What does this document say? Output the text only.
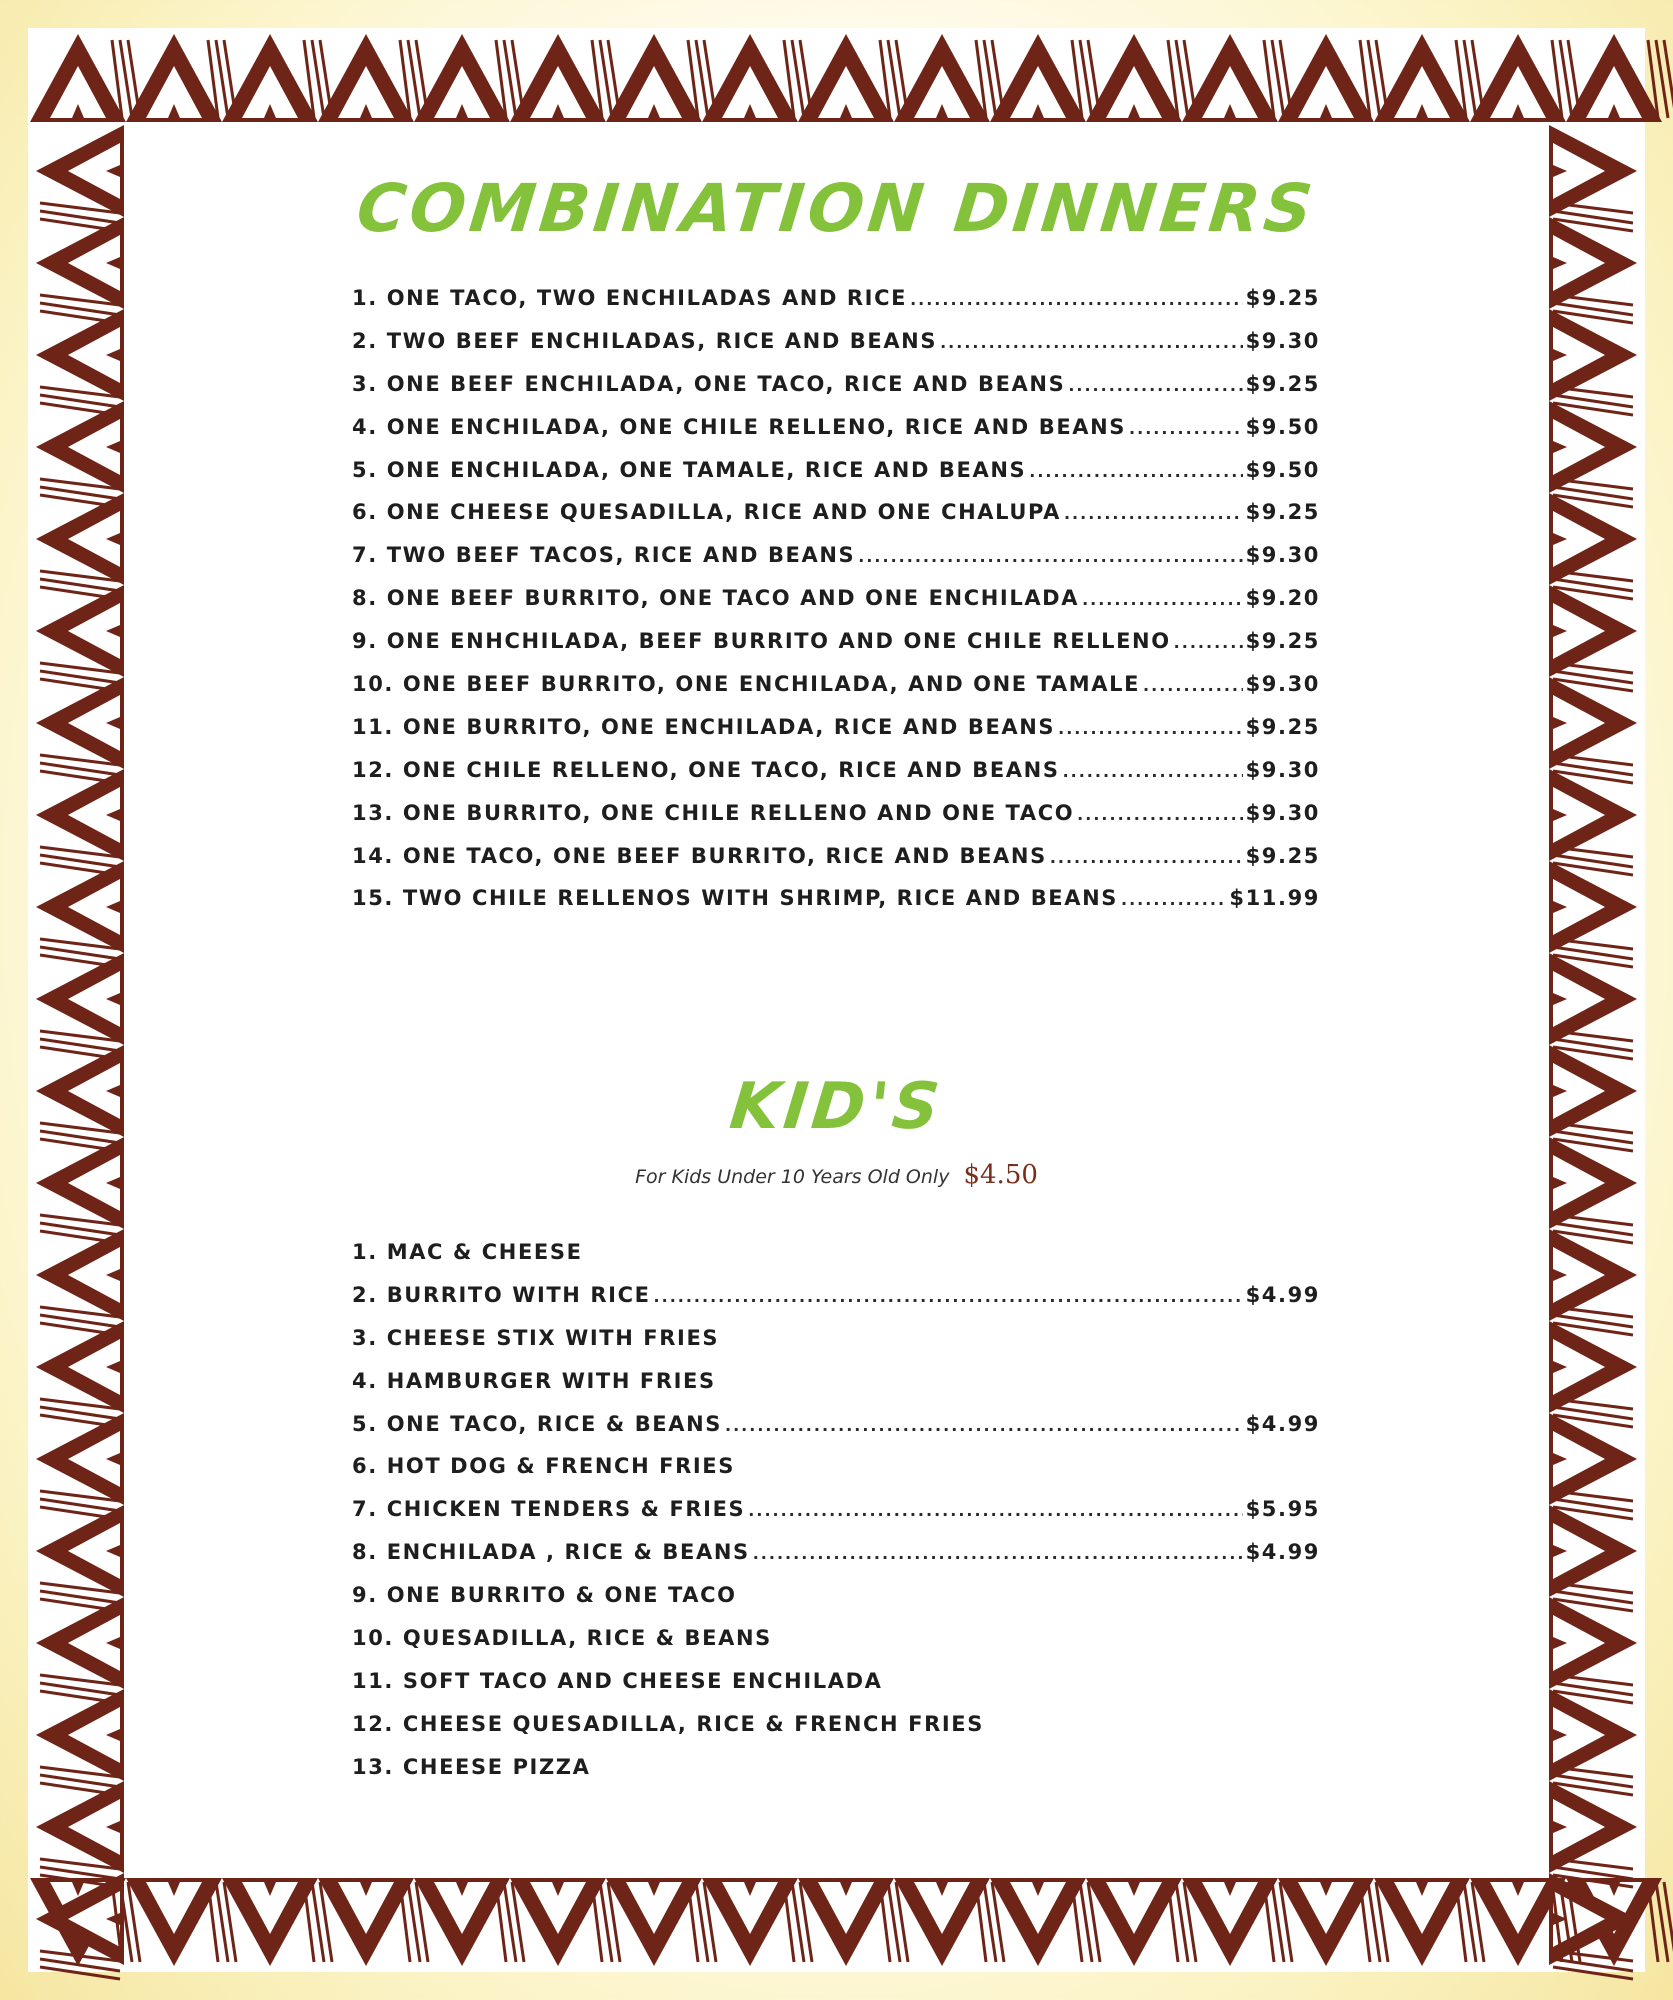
COMBINATION DINNERS
1. ONE TACO, TWO ENCHILADAS AND RICE .....	$9.25
2. TWO BEEF ENCHILADAS, RICE AND BEANS .....	$9.30
3. ONE BEEF ENCHILADA, ONE TACO, RICE AND BEANS .....	$9.25
4. ONE ENCHILADA, ONE CHILE RELLENO, RICE AND BEANS .....	$9.50
5. ONE ENCHILADA, ONE TAMALE, RICE AND BEANS .....	$9.50
6. ONE CHEESE QUESADILLA, RICE AND ONE CHALUPA .....	$9.25
7. TWO BEEF TACOS, RICE AND BEANS .....	$9.30
8. ONE BEEF BURRITO, ONE TACO AND ONE ENCHILADA .....	$9.20
9. ONE ENHCHILADA, BEEF BURRITO AND ONE CHILE RELLENO .....	$9.25
10. ONE BEEF BURRITO, ONE ENCHILADA, AND ONE TAMALE .....	$9.30
11. ONE BURRITO, ONE ENCHILADA, RICE AND BEANS .....	$9.25
12. ONE CHILE RELLENO, ONE TACO, RICE AND BEANS .....	$9.30
13. ONE BURRITO, ONE CHILE RELLENO AND ONE TACO .....	$9.30
14. ONE TACO, ONE BEEF BURRITO, RICE AND BEANS .....	$9.25
15. TWO CHILE RELLENOS WITH SHRIMP, RICE AND BEANS .....	$11.99
KID'S
For Kids Under 10 Years Old Only $4.50
1. MAC & CHEESE
2. BURRITO WITH RICE .....	$4.99
3. CHEESE STIX WITH FRIES
4. HAMBURGER WITH FRIES
5. ONE TACO, RICE & BEANS .....	$4.99
6. HOT DOG & FRENCH FRIES
7. CHICKEN TENDERS & FRIES .....	$5.95
8. ENCHILADA , RICE & BEANS .....	$4.99
9. ONE BURRITO & ONE TACO
10. QUESADILLA, RICE & BEANS
11. SOFT TACO AND CHEESE ENCHILADA
12. CHEESE QUESADILLA, RICE & FRENCH FRIES
13. CHEESE PIZZA
